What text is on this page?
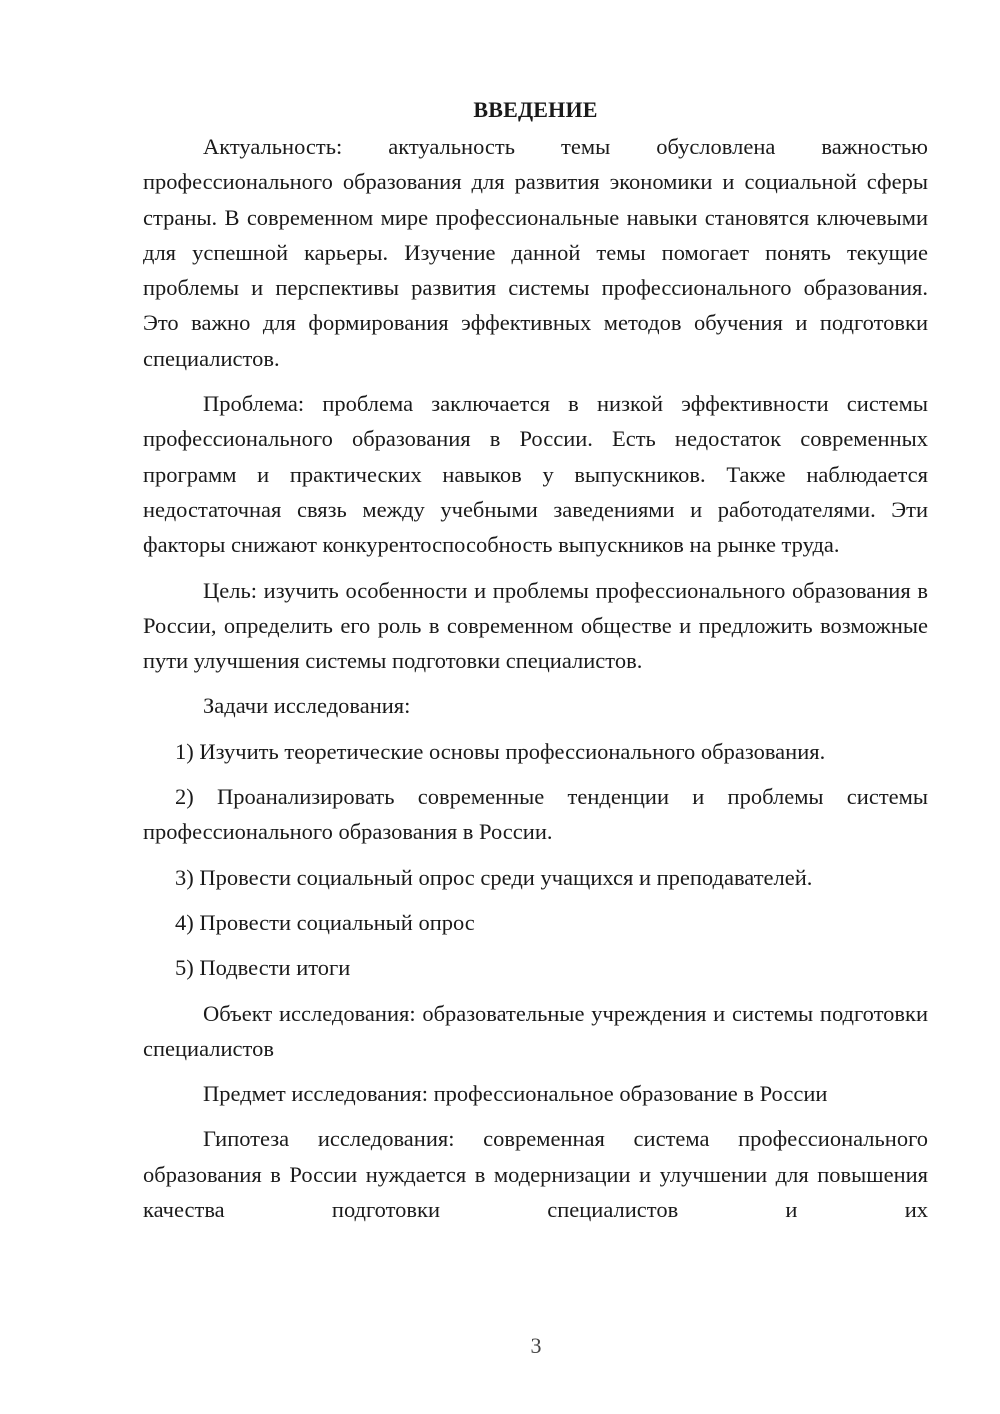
ВВЕДЕНИЕ

Актуальность: актуальность темы обусловлена важностью профессионального образования для развития экономики и социальной сферы страны. В современном мире профессиональные навыки становятся ключевыми для успешной карьеры. Изучение данной темы помогает понять текущие проблемы и перспективы развития системы профессионального образования. Это важно для формирования эффективных методов обучения и подготовки специалистов.

Проблема: проблема заключается в низкой эффективности системы профессионального образования в России. Есть недостаток современных программ и практических навыков у выпускников. Также наблюдается недостаточная связь между учебными заведениями и работодателями. Эти факторы снижают конкурентоспособность выпускников на рынке труда.

Цель: изучить особенности и проблемы профессионального образования в России, определить его роль в современном обществе и предложить возможные пути улучшения системы подготовки специалистов.

Задачи исследования:

1) Изучить теоретические основы профессионального образования.

2) Проанализировать современные тенденции и проблемы системы профессионального образования в России.

3) Провести социальный опрос среди учащихся и преподавателей.

4) Провести социальный опрос

5) Подвести итоги

Объект исследования: образовательные учреждения и системы подготовки специалистов

Предмет исследования: профессиональное образование в России

Гипотеза исследования: современная система профессионального образования в России нуждается в модернизации и улучшении для повышения качества подготовки специалистов и их

3
